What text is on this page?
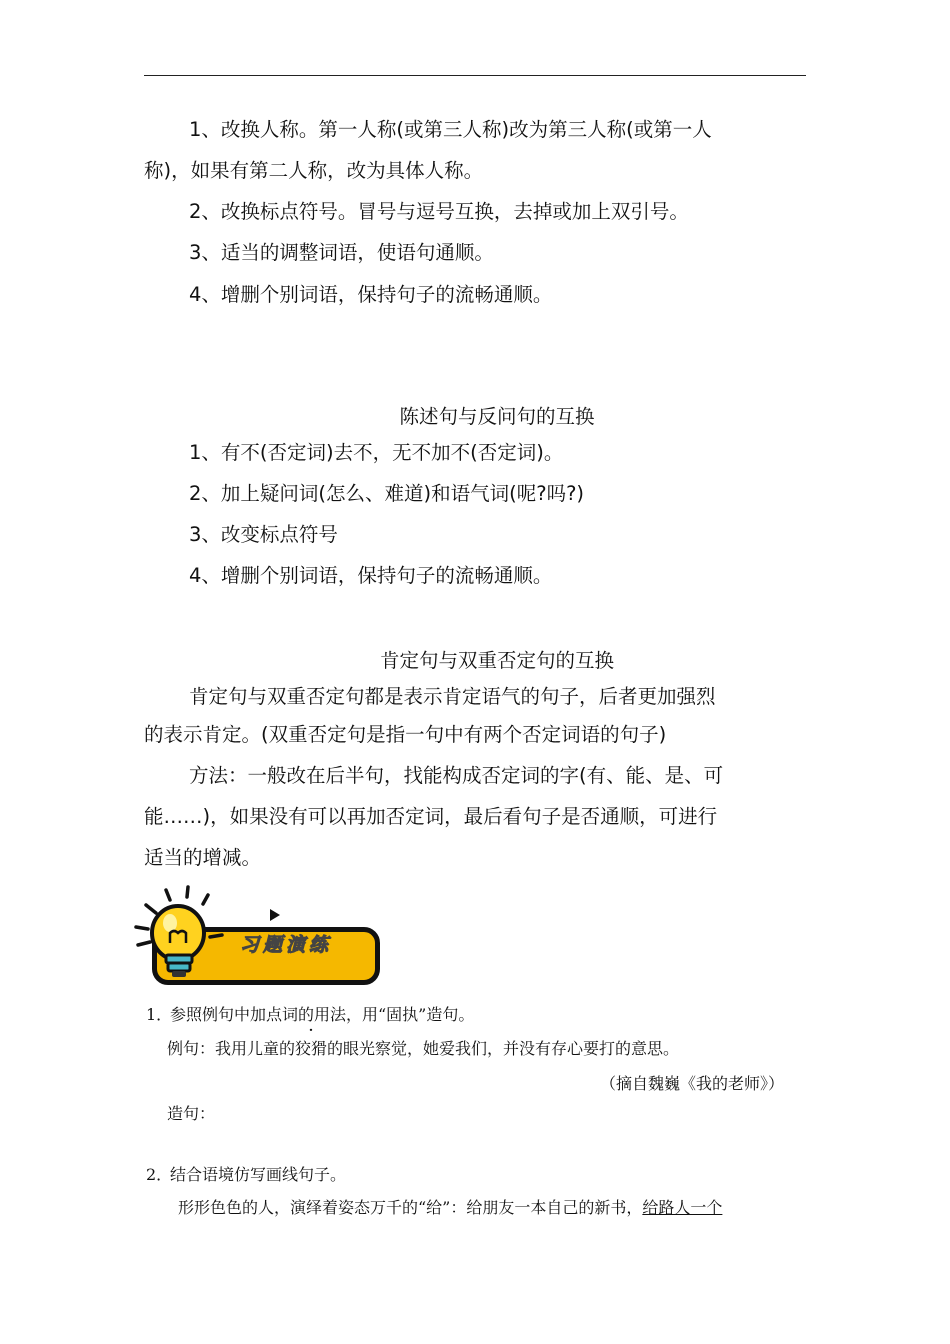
1、改换人称。第一人称(或第三人称)改为第三人称(或第一人
称)，如果有第二人称，改为具体人称。
2、改换标点符号。冒号与逗号互换，去掉或加上双引号。
3、适当的调整词语，使语句通顺。
4、增删个别词语，保持句子的流畅通顺。
陈述句与反问句的互换
1、有不(否定词)去不，无不加不(否定词)。
2、加上疑问词(怎么、难道)和语气词(呢?吗?)
3、改变标点符号
4、增删个别词语，保持句子的流畅通顺。
肯定句与双重否定句的互换
肯定句与双重否定句都是表示肯定语气的句子，后者更加强烈
的表示肯定。(双重否定句是指一句中有两个否定词语的句子)
方法：一般改在后半句，找能构成否定词的字(有、能、是、可
能……)，如果没有可以再加否定词，最后看句子是否通顺，可进行
适当的增减。
习题演练
1．
参照例句中加点词的用法，用“固执”造句。
例句：我用儿童的狡猾的眼光察觉，她爱我们，并没有存心要打的意思。
（摘自魏巍《我的老师》）
造句：
2．
结合语境仿写画线句子。
形形色色的人，演绎着姿态万千的“给”：给朋友一本自己的新书，给路人一个
